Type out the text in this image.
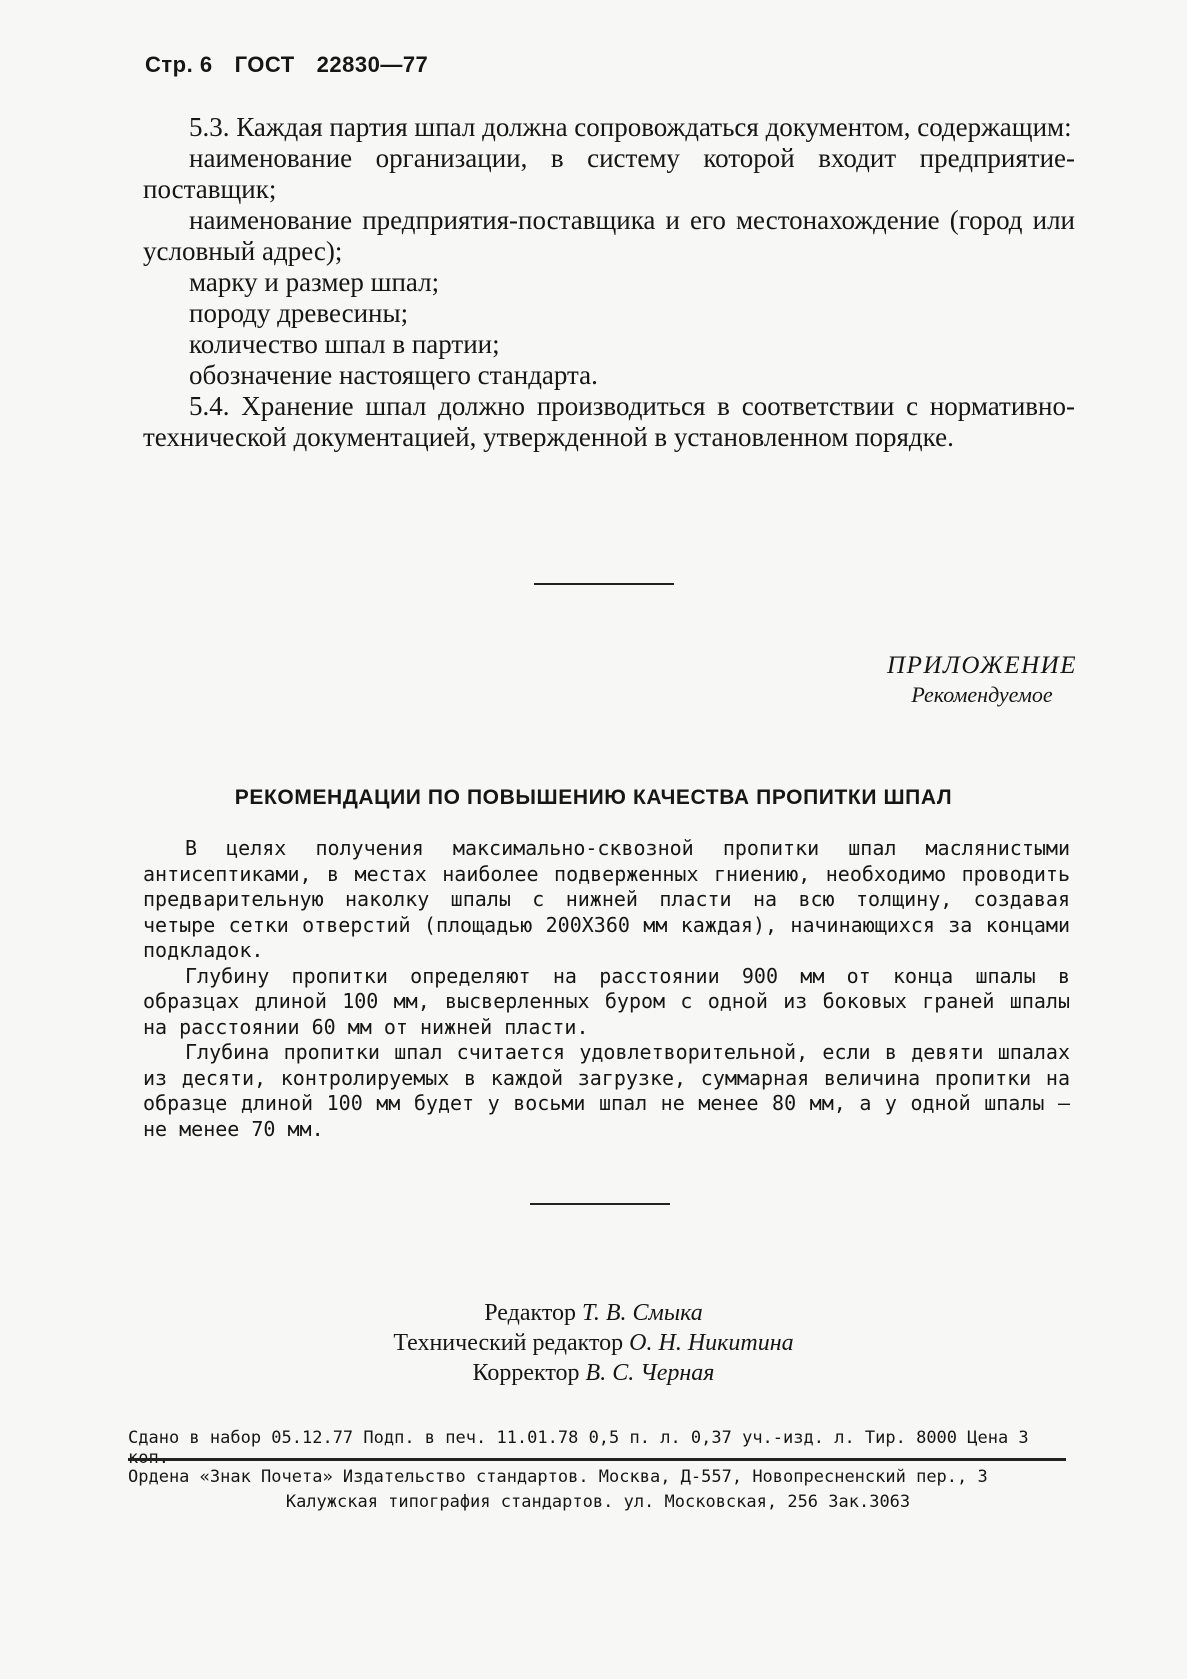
Стр. 6 ГОСТ 22830—77

5.3. Каждая партия шпал должна сопровождаться документом, содержащим:

наименование организации, в систему которой входит предприятие-поставщик;

наименование предприятия-поставщика и его местонахождение (город или условный адрес);

марку и размер шпал;

породу древесины;

количество шпал в партии;

обозначение настоящего стандарта.

5.4. Хранение шпал должно производиться в соответствии с нормативно-технической документацией, утвержденной в установленном порядке.

ПРИЛОЖЕНИЕ
Рекомендуемое
РЕКОМЕНДАЦИИ ПО ПОВЫШЕНИЮ КАЧЕСТВА ПРОПИТКИ ШПАЛ

В целях получения максимально-сквозной пропитки шпал маслянистыми антисептиками, в местах наиболее подверженных гниению, необходимо проводить предварительную наколку шпалы с нижней пласти на всю толщину, создавая четыре сетки отверстий (площадью 200Х360 мм каждая), начинающихся за концами подкладок.

Глубину пропитки определяют на расстоянии 900 мм от конца шпалы в образцах длиной 100 мм, высверленных буром с одной из боковых граней шпалы на расстоянии 60 мм от нижней пласти.

Глубина пропитки шпал считается удовлетворительной, если в девяти шпалах из десяти, контролируемых в каждой загрузке, суммарная величина пропитки на образце длиной 100 мм будет у восьми шпал не менее 80 мм, а у одной шпалы — не менее 70 мм.

Редактор Т. В. Смыка
Технический редактор О. Н. Никитина
Корректор В. С. Черная
Сдано в набор 05.12.77 Подп. в печ. 11.01.78 0,5 п. л. 0,37 уч.-изд. л. Тир. 8000 Цена 3 коп.
Ордена «Знак Почета» Издательство стандартов. Москва, Д-557, Новопресненский пер., 3
Калужская типография стандартов. ул. Московская, 256 Зак.3063
